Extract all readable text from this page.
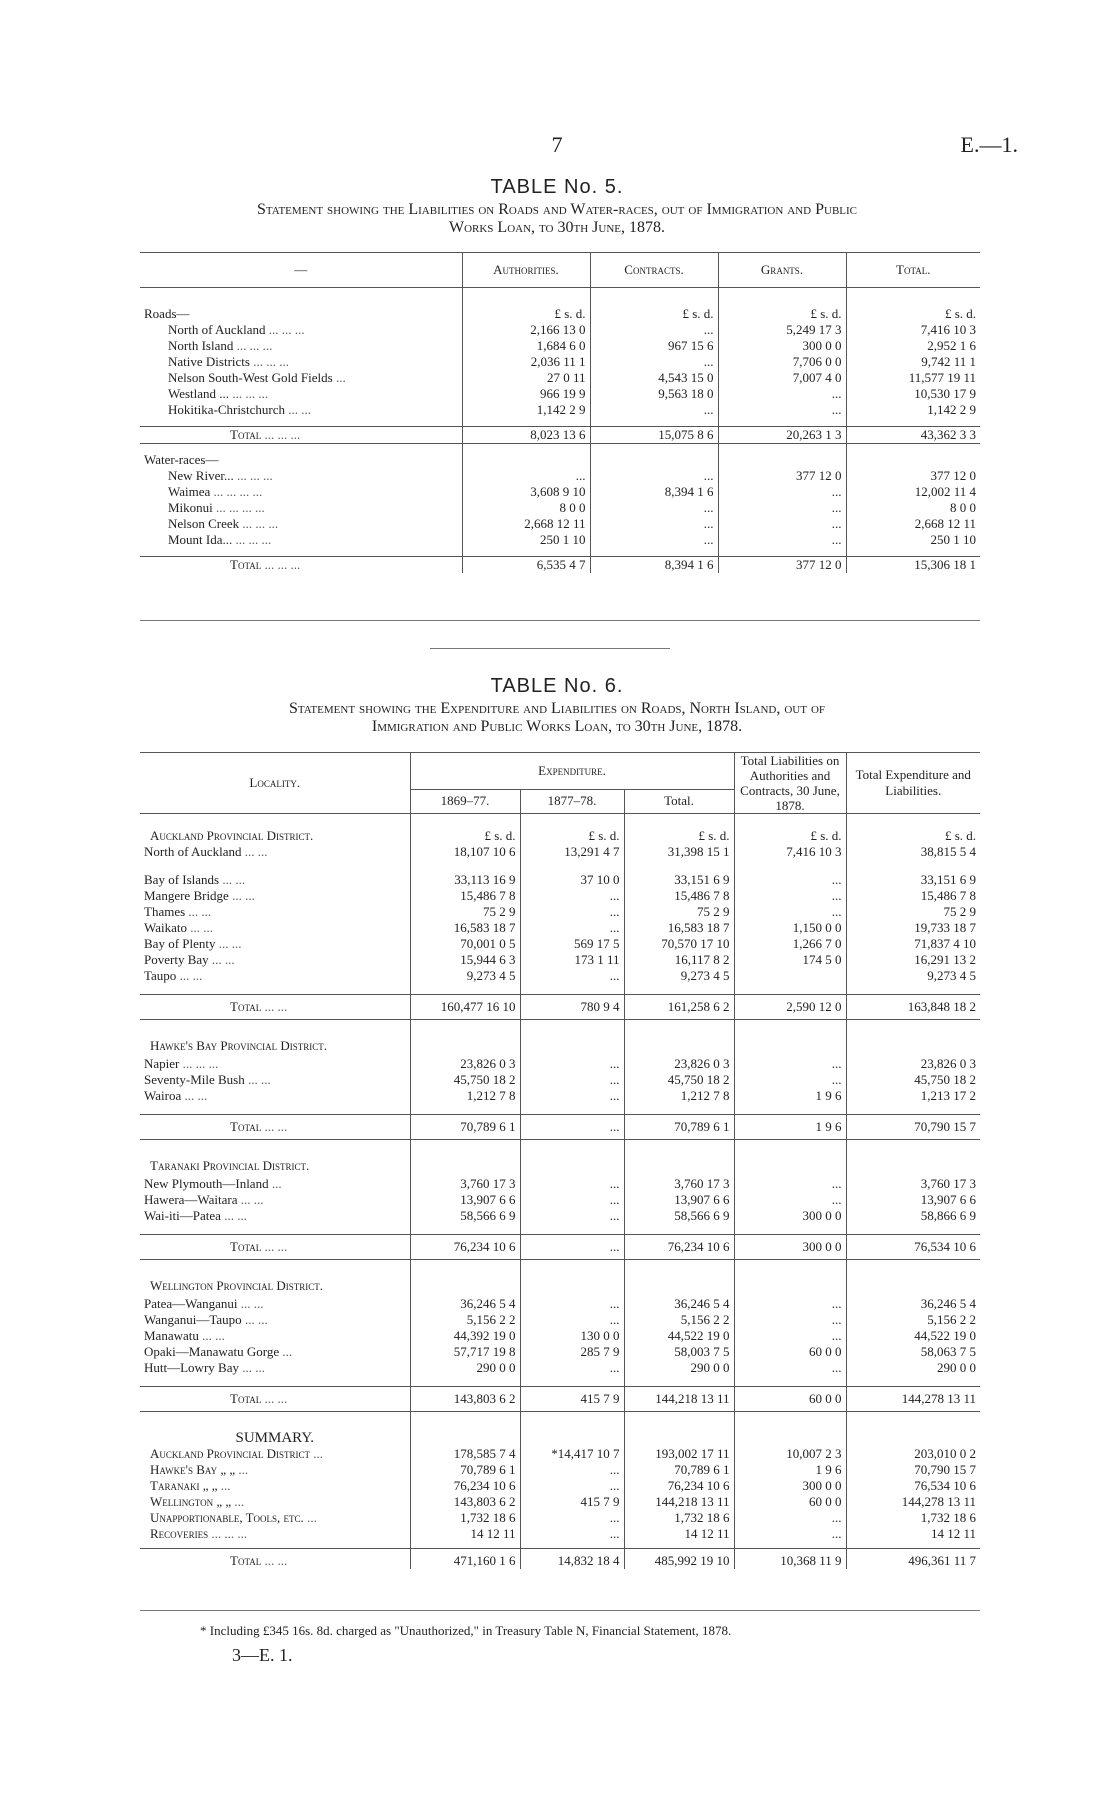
7	E.—1.
TABLE No. 5.
Statement showing the Liabilities on Roads and Water-races, out of Immigration and Public
Works Loan, to 30th June, 1878.
—	Authorities.	Contracts.	Grants.	Total.

Roads—	£ s. d.	£ s. d.	£ s. d.	£ s. d.
North of Auckland ... ... ...	2,166 13 0	...	5,249 17 3	7,416 10 3
North Island ... ... ...	1,684 6 0	967 15 6	300 0 0	2,952 1 6
Native Districts ... ... ...	2,036 11 1	...	7,706 0 0	9,742 11 1
Nelson South-West Gold Fields ...	27 0 11	4,543 15 0	7,007 4 0	11,577 19 11
Westland ... ... ... ...	966 19 9	9,563 18 0	...	10,530 17 9
Hokitika-Christchurch ... ...	1,142 2 9	...	...	1,142 2 9

Total ... ... ...	8,023 13 6	15,075 8 6	20,263 1 3	43,362 3 3

Water-races—				
New River... ... ... ...	...	...	377 12 0	377 12 0
Waimea ... ... ... ...	3,608 9 10	8,394 1 6	...	12,002 11 4
Mikonui ... ... ... ...	8 0 0	...	...	8 0 0
Nelson Creek ... ... ...	2,668 12 11	...	...	2,668 12 11
Mount Ida... ... ... ...	250 1 10	...	...	250 1 10

Total ... ... ...	6,535 4 7	8,394 1 6	377 12 0	15,306 18 1
TABLE No. 6.
Statement showing the Expenditure and Liabilities on Roads, North Island, out of
Immigration and Public Works Loan, to 30th June, 1878.
Locality.	Expenditure.			Total Liabilities on Authorities and Contracts, 30 June, 1878.	Total Expenditure and Liabilities.
	1869–77.	1877–78.	Total.		

Auckland Provincial District.	£ s. d.	£ s. d.	£ s. d.	£ s. d.	£ s. d.
North of Auckland ... ...	18,107 10 6	13,291 4 7	31,398 15 1	7,416 10 3	38,815 5 4

Bay of Islands ... ...	33,113 16 9	37 10 0	33,151 6 9	...	33,151 6 9
Mangere Bridge ... ...	15,486 7 8	...	15,486 7 8	...	15,486 7 8
Thames ... ...	75 2 9	...	75 2 9	...	75 2 9
Waikato ... ...	16,583 18 7	...	16,583 18 7	1,150 0 0	19,733 18 7
Bay of Plenty ... ...	70,001 0 5	569 17 5	70,570 17 10	1,266 7 0	71,837 4 10
Poverty Bay ... ...	15,944 6 3	173 1 11	16,117 8 2	174 5 0	16,291 13 2
Taupo ... ...	9,273 4 5	...	9,273 4 5		9,273 4 5

Total ... ...	160,477 16 10	780 9 4	161,258 6 2	2,590 12 0	163,848 18 2

Hawke's Bay Provincial District.					

Napier ... ... ...	23,826 0 3	...	23,826 0 3	...	23,826 0 3
Seventy-Mile Bush ... ...	45,750 18 2	...	45,750 18 2	...	45,750 18 2
Wairoa ... ...	1,212 7 8	...	1,212 7 8	1 9 6	1,213 17 2

Total ... ...	70,789 6 1	...	70,789 6 1	1 9 6	70,790 15 7

Taranaki Provincial District.					

New Plymouth—Inland ...	3,760 17 3	...	3,760 17 3	...	3,760 17 3
Hawera—Waitara ... ...	13,907 6 6	...	13,907 6 6	...	13,907 6 6
Wai-iti—Patea ... ...	58,566 6 9	...	58,566 6 9	300 0 0	58,866 6 9

Total ... ...	76,234 10 6	...	76,234 10 6	300 0 0	76,534 10 6

Wellington Provincial District.					

Patea—Wanganui ... ...	36,246 5 4	...	36,246 5 4	...	36,246 5 4
Wanganui—Taupo ... ...	5,156 2 2	...	5,156 2 2	...	5,156 2 2
Manawatu ... ...	44,392 19 0	130 0 0	44,522 19 0	...	44,522 19 0
Opaki—Manawatu Gorge ...	57,717 19 8	285 7 9	58,003 7 5	60 0 0	58,063 7 5
Hutt—Lowry Bay ... ...	290 0 0	...	290 0 0	...	290 0 0

Total ... ...	143,803 6 2	415 7 9	144,218 13 11	60 0 0	144,278 13 11

SUMMARY.					
Auckland Provincial District ...	178,585 7 4	*14,417 10 7	193,002 17 11	10,007 2 3	203,010 0 2
Hawke's Bay „ „ ...	70,789 6 1	...	70,789 6 1	1 9 6	70,790 15 7
Taranaki „ „ ...	76,234 10 6	...	76,234 10 6	300 0 0	76,534 10 6
Wellington „ „ ...	143,803 6 2	415 7 9	144,218 13 11	60 0 0	144,278 13 11
Unapportionable, Tools, etc. ...	1,732 18 6	...	1,732 18 6	...	1,732 18 6
Recoveries ... ... ...	14 12 11	...	14 12 11	...	14 12 11

Total ... ...	471,160 1 6	14,832 18 4	485,992 19 10	10,368 11 9	496,361 11 7
* Including £345 16s. 8d. charged as "Unauthorized," in Treasury Table N, Financial Statement, 1878.
3—E. 1.
